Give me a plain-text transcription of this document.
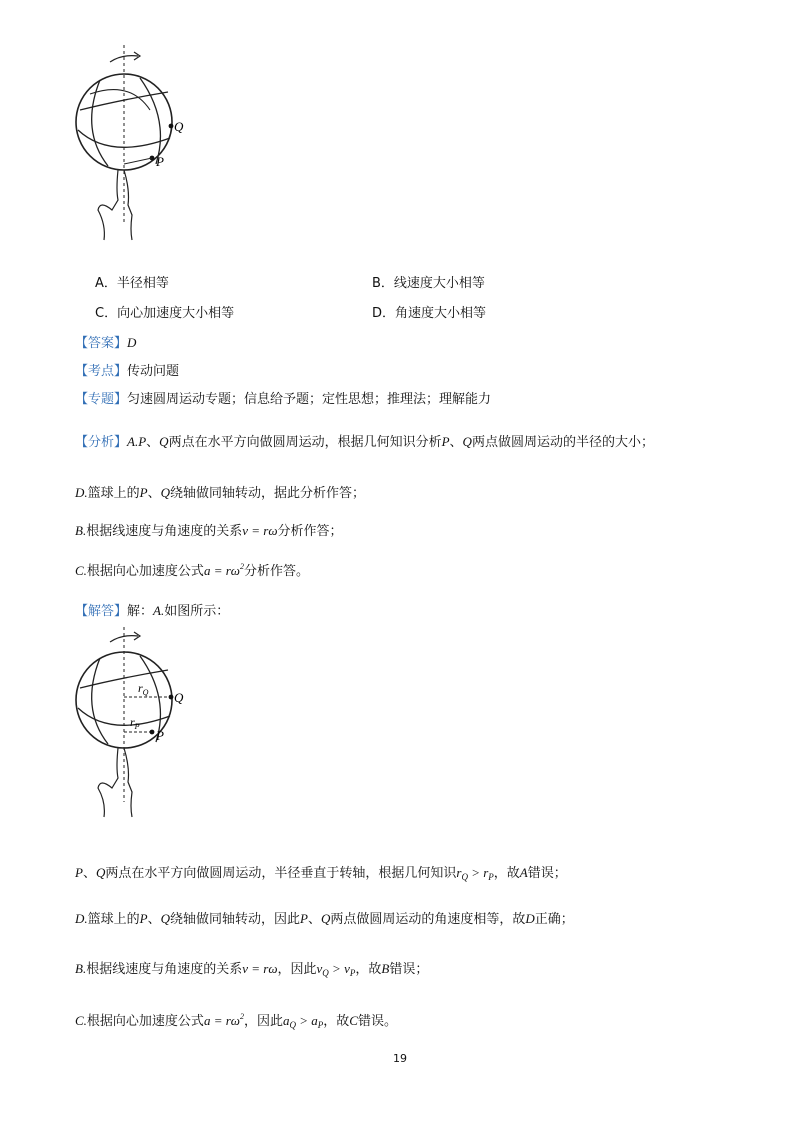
Q
P
A．半径相等	B．线速度大小相等
C．向心加速度大小相等	D．角速度大小相等
【答案】D
【考点】传动问题
【专题】匀速圆周运动专题；信息给予题；定性思想；推理法；理解能力
【分析】A.P、Q两点在水平方向做圆周运动，根据几何知识分析P、Q两点做圆周运动的半径的大小；
D.篮球上的P、Q绕轴做同轴转动，据此分析作答；
B.根据线速度与角速度的关系v = rω分析作答；
C.根据向心加速度公式$a = r\omega^2$分析作答。
【解答】解：A.如图所示：
$r_Q$
$r_P$
Q
P
P、Q两点在水平方向做圆周运动，半径垂直于转轴，根据几何知识$r_Q > r_P$，故A错误；
D.篮球上的P、Q绕轴做同轴转动，因此P、Q两点做圆周运动的角速度相等，故D正确；
B.根据线速度与角速度的关系v = rω，因此$v_Q > v_P$，故B错误；
C.根据向心加速度公式$a = r\omega^2$，因此$a_Q > a_P$，故C错误。
19
